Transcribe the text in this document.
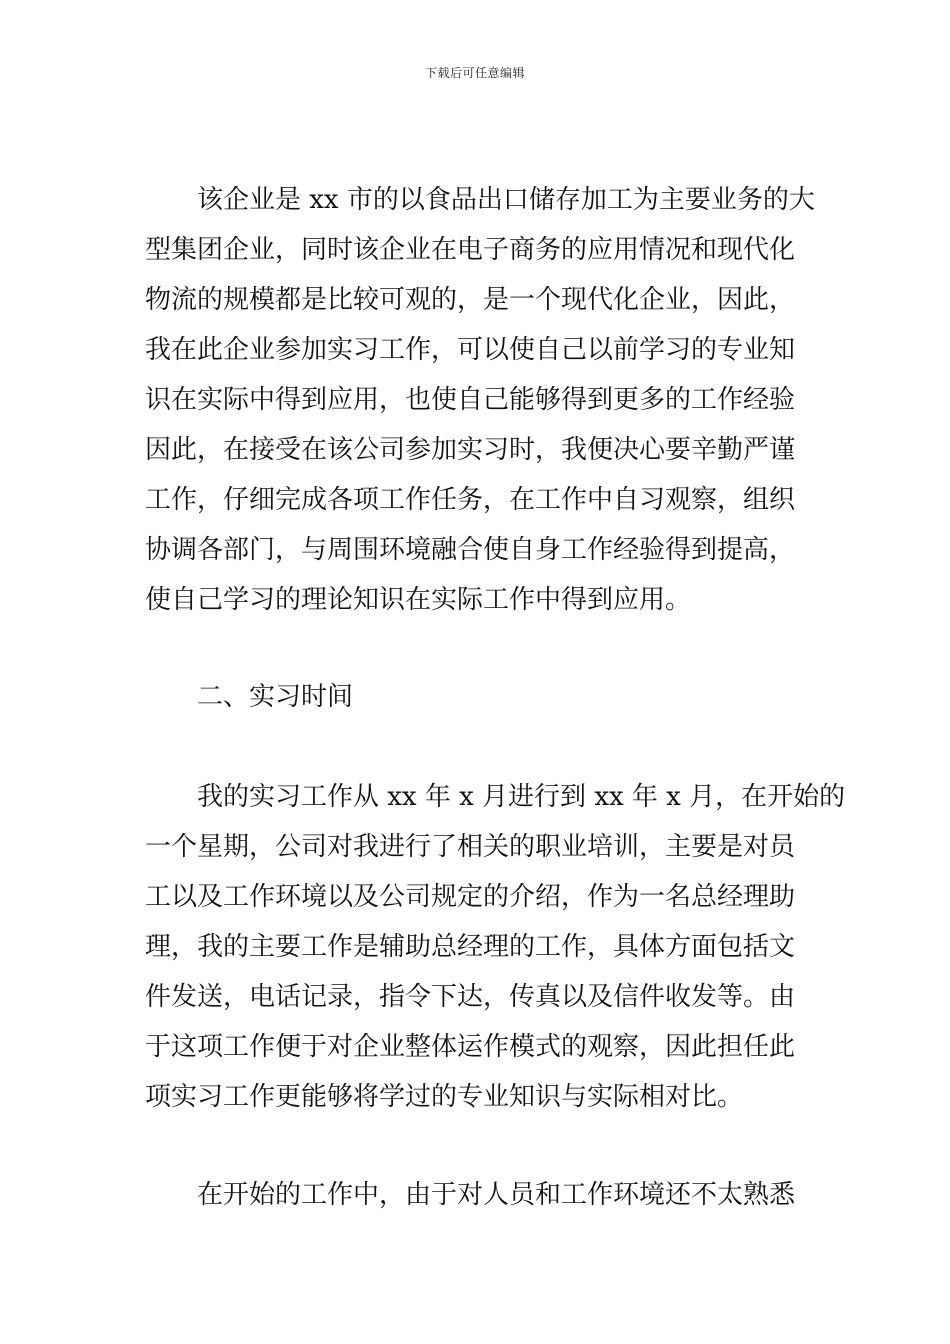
下载后可任意编辑
该企业是 xx 市的以食品出口储存加工为主要业务的大
型集团企业，同时该企业在电子商务的应用情况和现代化
物流的规模都是比较可观的，是一个现代化企业，因此，
我在此企业参加实习工作，可以使自己以前学习的专业知
识在实际中得到应用，也使自己能够得到更多的工作经验
因此，在接受在该公司参加实习时，我便决心要辛勤严谨
工作，仔细完成各项工作任务，在工作中自习观察，组织
协调各部门，与周围环境融合使自身工作经验得到提高，
使自己学习的理论知识在实际工作中得到应用。
二、实习时间
我的实习工作从 xx 年 x 月进行到 xx 年 x 月，在开始的
一个星期，公司对我进行了相关的职业培训，主要是对员
工以及工作环境以及公司规定的介绍，作为一名总经理助
理，我的主要工作是辅助总经理的工作，具体方面包括文
件发送，电话记录，指令下达，传真以及信件收发等。由
于这项工作便于对企业整体运作模式的观察，因此担任此
项实习工作更能够将学过的专业知识与实际相对比。
在开始的工作中，由于对人员和工作环境还不太熟悉
